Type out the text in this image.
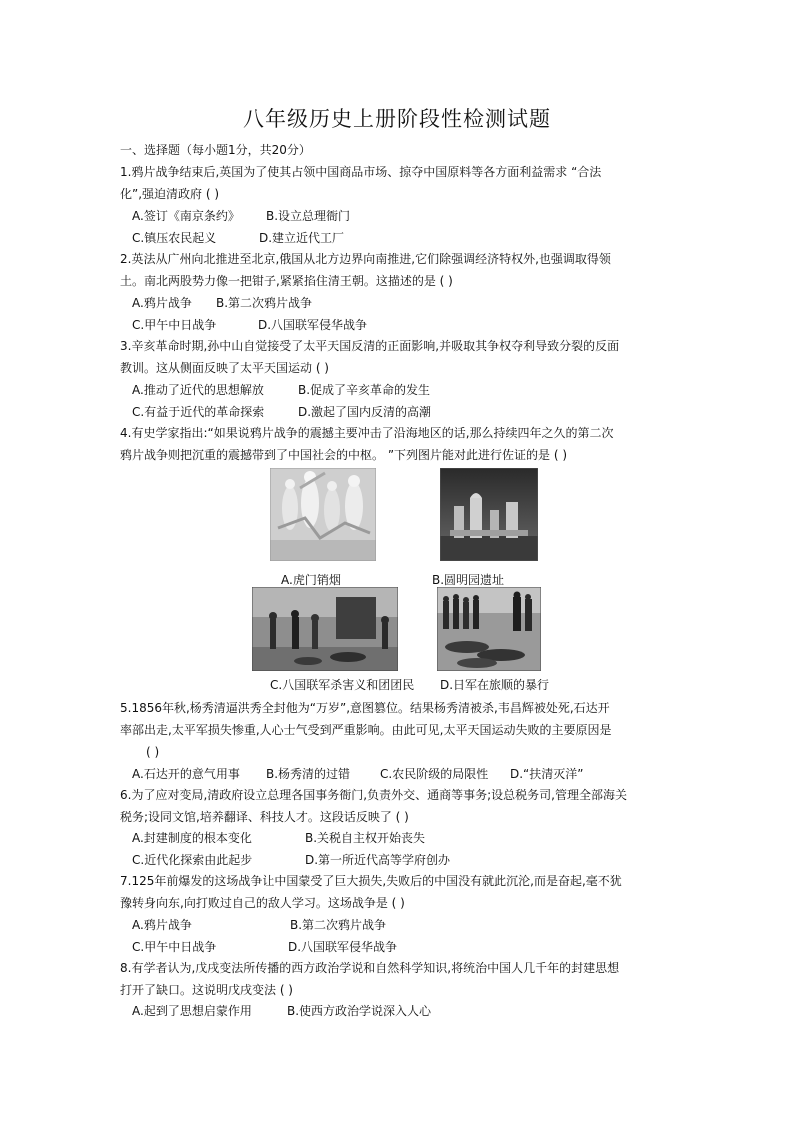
八年级历史上册阶段性检测试题
一、选择题（每小题1分，共20分）
1.鸦片战争结束后,英国为了使其占领中国商品市场、掠夺中国原料等各方面利益需求 “合法
化”,强迫清政府 ( )
A.签订《南京条约》 B.设立总理衙门
C.镇压农民起义	D.建立近代工厂
2.英法从广州向北推进至北京,俄国从北方边界向南推进,它们除强调经济特权外,也强调取得领
土。南北两股势力像一把钳子,紧紧掐住清王朝。这描述的是 ( )
A.鸦片战争 B.第二次鸦片战争
C.甲午中日战争	D.八国联军侵华战争
3.辛亥革命时期,孙中山自觉接受了太平天国反清的正面影响,并吸取其争权夺利导致分裂的反面
教训。这从侧面反映了太平天国运动 ( )
A.推动了近代的思想解放	B.促成了辛亥革命的发生
C.有益于近代的革命探索	D.激起了国内反清的高潮
4.有史学家指出:“如果说鸦片战争的震撼主要冲击了沿海地区的话,那么持续四年之久的第二次
鸦片战争则把沉重的震撼带到了中国社会的中枢。 ”下列图片能对此进行佐证的是 ( )
A.虎门销烟	B.圆明园遗址
C.八国联军杀害义和团团民 D.日军在旅顺的暴行
5.1856年秋,杨秀清逼洪秀全封他为“万岁”,意图篡位。结果杨秀清被杀,韦昌辉被处死,石达开
率部出走,太平军损失惨重,人心士气受到严重影响。由此可见,太平天国运动失败的主要原因是
( )
A.石达开的意气用事 B.杨秀清的过错 C.农民阶级的局限性 D.“扶清灭洋”
6.为了应对变局,清政府设立总理各国事务衙门,负责外交、通商等事务;设总税务司,管理全部海关
税务;设同文馆,培养翻译、科技人才。这段话反映了 ( )
A.封建制度的根本变化	B.关税自主权开始丧失
C.近代化探索由此起步	D.第一所近代高等学府创办
7.125年前爆发的这场战争让中国蒙受了巨大损失,失败后的中国没有就此沉沦,而是奋起,毫不犹
豫转身向东,向打败过自己的敌人学习。这场战争是 ( )
A.鸦片战争	B.第二次鸦片战争
C.甲午中日战争	D.八国联军侵华战争
8.有学者认为,戊戌变法所传播的西方政治学说和自然科学知识,将统治中国人几千年的封建思想
打开了缺口。这说明戊戌变法 ( )
A.起到了思想启蒙作用	B.使西方政治学说深入人心
